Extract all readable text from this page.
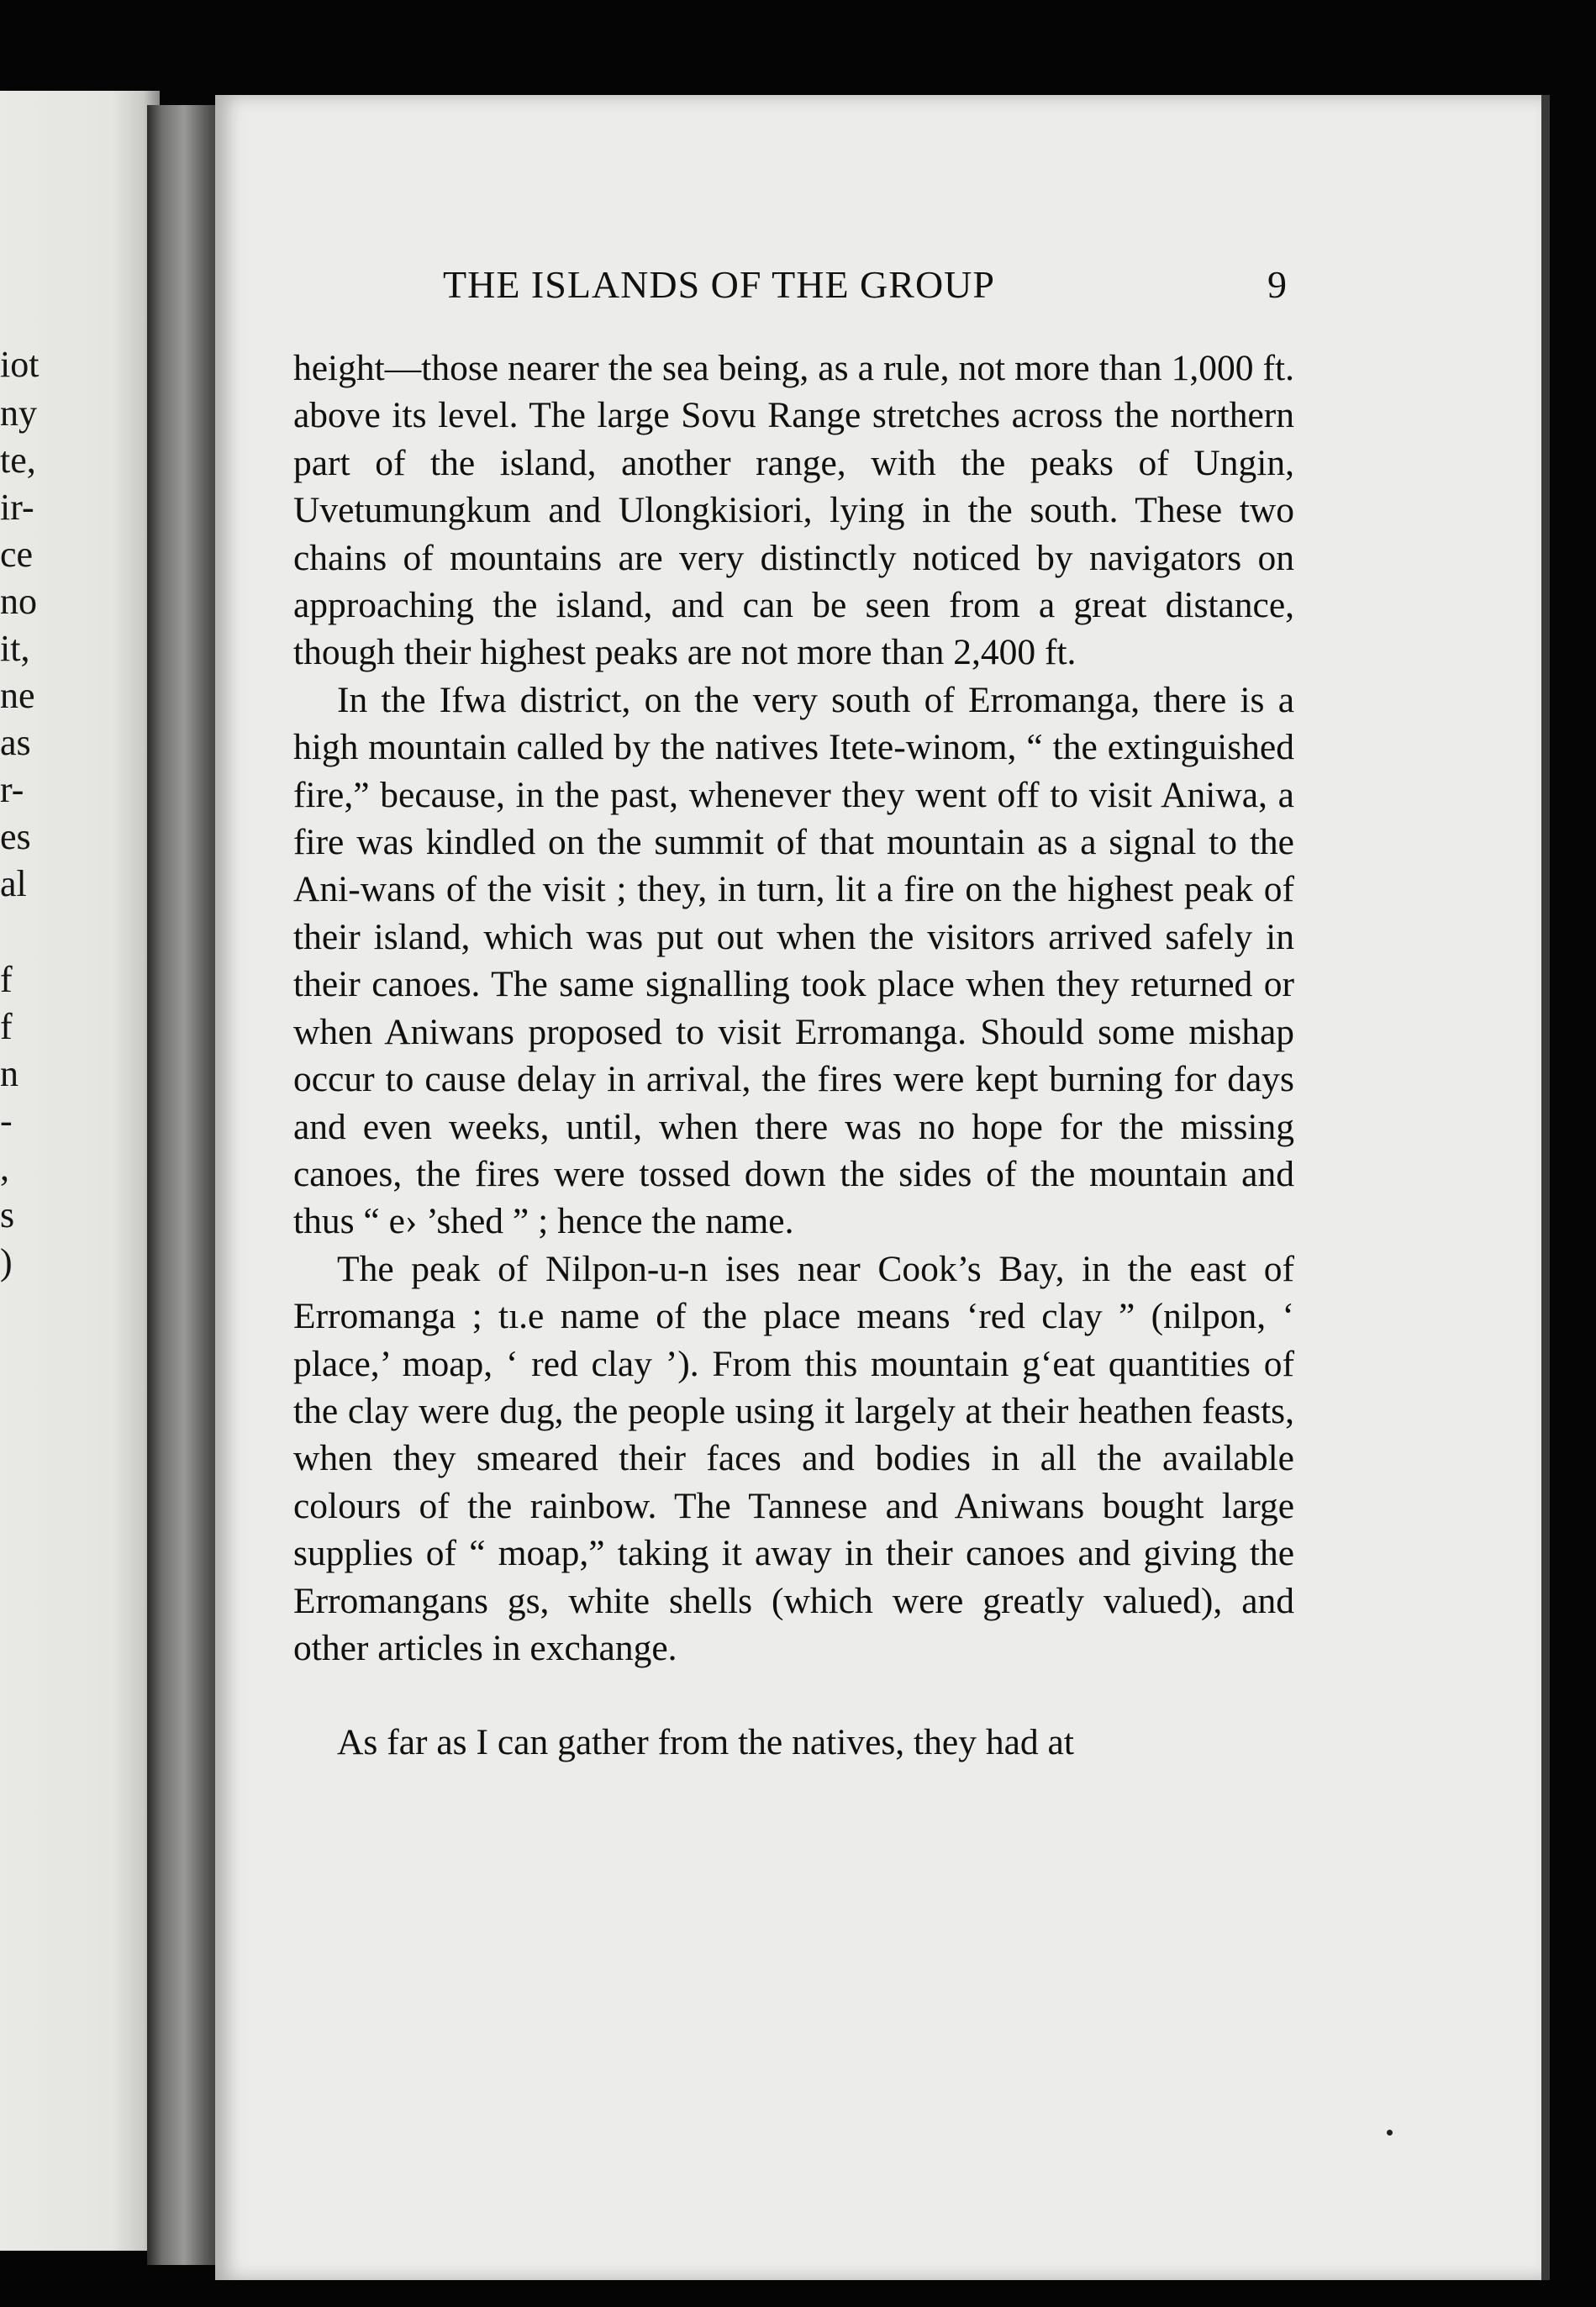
iot
ny
te,
ir-
ce
no
it,
ne
as
r-
es
al
f
f
n
-
,
s
)
THE ISLANDS OF THE GROUP	9

height—those nearer the sea being, as a rule, not more than 1,000 ft. above its level. The large Sovu Range stretches across the northern part of the island, another range, with the peaks of Ungin, Uvetumungkum and Ulongkisiori, lying in the south. These two chains of mountains are very distinctly noticed by navigators on approaching the island, and can be seen from a great distance, though their highest peaks are not more than 2,400 ft.

In the Ifwa district, on the very south of Erromanga, there is a high mountain called by the natives Itete-winom, “ the extinguished fire,” because, in the past, whenever they went off to visit Aniwa, a fire was kindled on the summit of that mountain as a signal to the Ani-wans of the visit ; they, in turn, lit a fire on the highest peak of their island, which was put out when the visitors arrived safely in their canoes. The same signalling took place when they returned or when Aniwans proposed to visit Erromanga. Should some mishap occur to cause delay in arrival, the fires were kept burning for days and even weeks, until, when there was no hope for the missing canoes, the fires were tossed down the sides of the mountain and thus “ e› ’shed ” ; hence the name.

The peak of Nilpon-u-n ises near Cook’s Bay, in the east of Erromanga ; tı.e name of the place means ‘red clay ” (nilpon, ‘ place,’ moap, ‘ red clay ’). From this mountain gʻeat quantities of the clay were dug, the people using it largely at their heathen feasts, when they smeared their faces and bodies in all the available colours of the rainbow. The Tannese and Aniwans bought large supplies of “ moap,” taking it away in their canoes and giving the Erromangans gs, white shells (which were greatly valued), and other articles in exchange.

As far as I can gather from the natives, they had at
